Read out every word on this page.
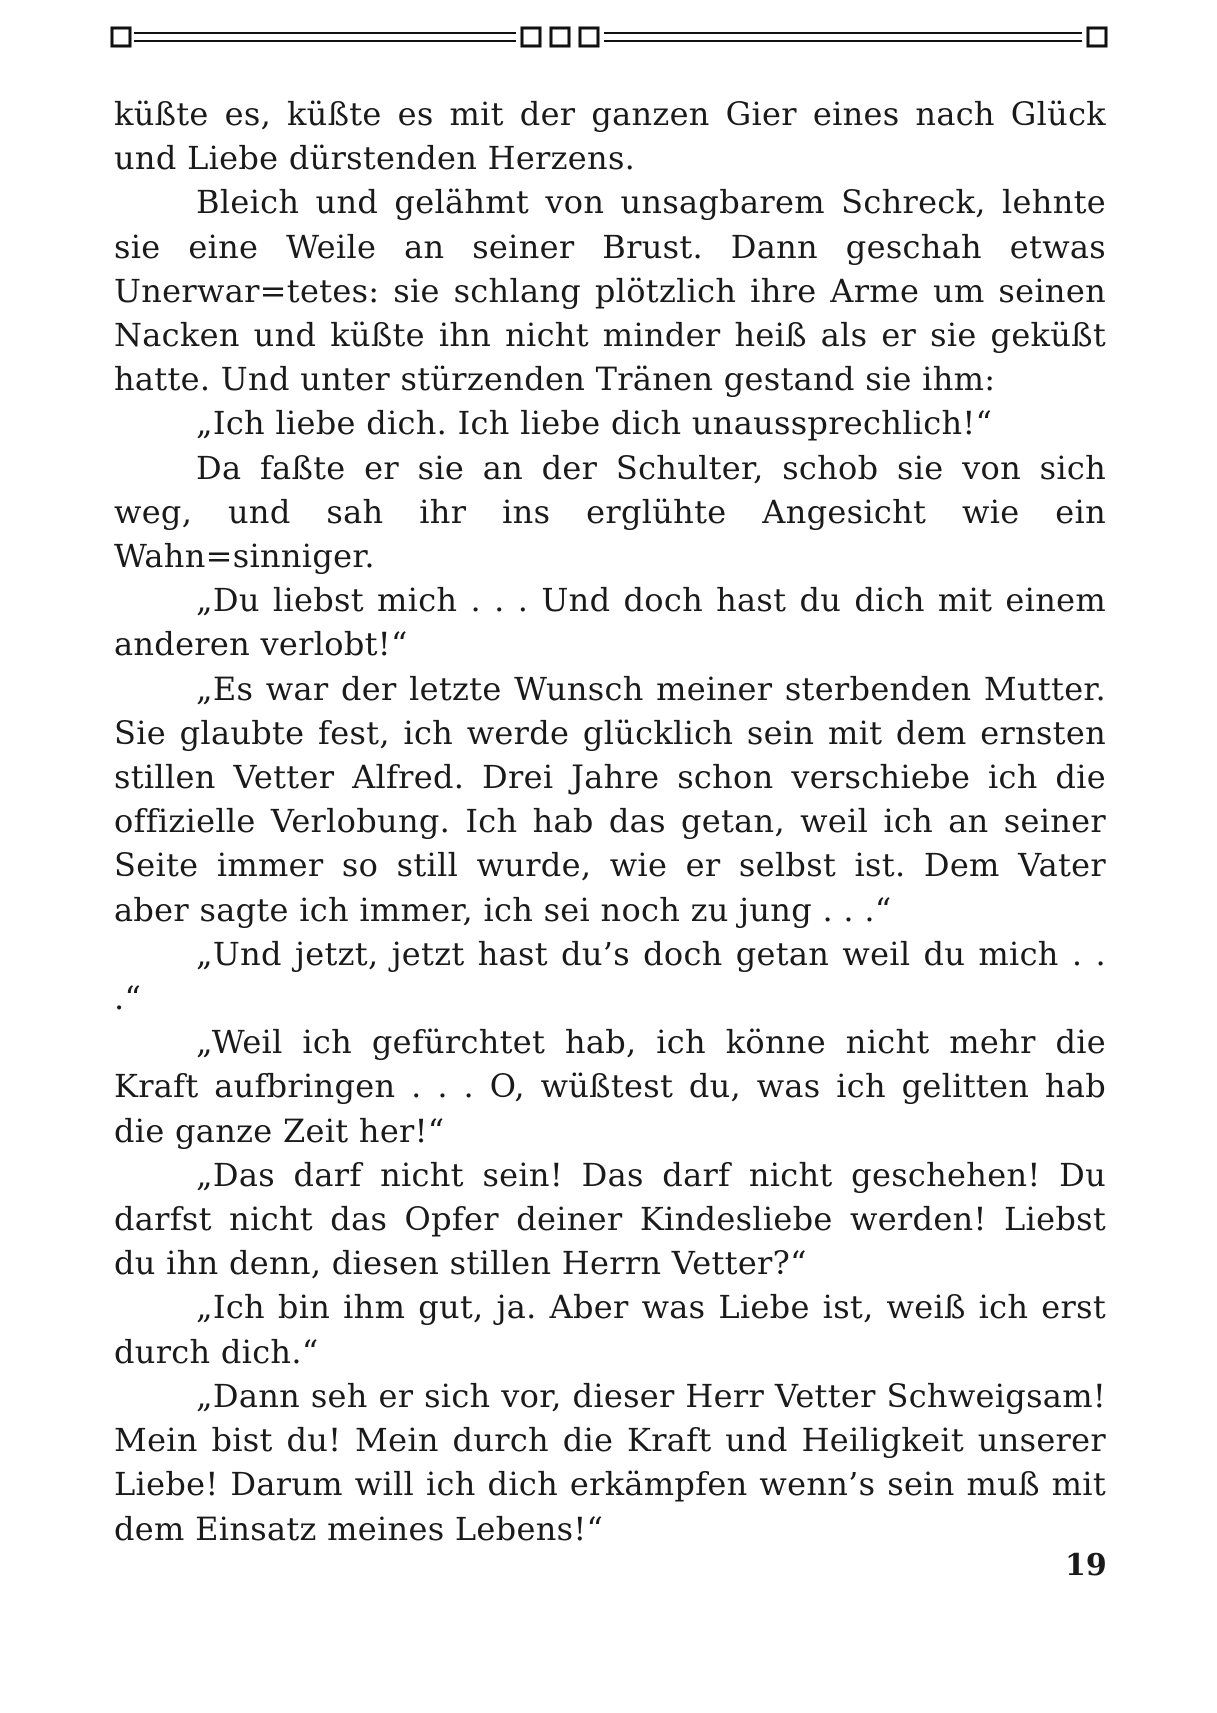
küßte es, küßte es mit der ganzen Gier eines nach Glück und Liebe dürstenden Herzens.

Bleich und gelähmt von unsagbarem Schreck, lehnte sie eine Weile an seiner Brust. Dann geschah etwas Unerwar=tetes: sie schlang plötzlich ihre Arme um seinen Nacken und küßte ihn nicht minder heiß als er sie geküßt hatte. Und unter stürzenden Tränen gestand sie ihm:

„Ich liebe dich. Ich liebe dich unaussprechlich!“

Da faßte er sie an der Schulter, schob sie von sich weg, und sah ihr ins erglühte Angesicht wie ein Wahn=sinniger.

„Du liebst mich . . . Und doch hast du dich mit einem anderen verlobt!“

„Es war der letzte Wunsch meiner sterbenden Mutter. Sie glaubte fest, ich werde glücklich sein mit dem ernsten stillen Vetter Alfred. Drei Jahre schon verschiebe ich die offizielle Verlobung. Ich hab das getan, weil ich an seiner Seite immer so still wurde, wie er selbst ist. Dem Vater aber sagte ich immer, ich sei noch zu jung . . .“

„Und jetzt, jetzt hast du’s doch getan weil du mich . . .“

„Weil ich gefürchtet hab, ich könne nicht mehr die Kraft aufbringen . . . O, wüßtest du, was ich gelitten hab die ganze Zeit her!“

„Das darf nicht sein! Das darf nicht geschehen! Du darfst nicht das Opfer deiner Kindesliebe werden! Liebst du ihn denn, diesen stillen Herrn Vetter?“

„Ich bin ihm gut, ja. Aber was Liebe ist, weiß ich erst durch dich.“

„Dann seh er sich vor, dieser Herr Vetter Schweigsam! Mein bist du! Mein durch die Kraft und Heiligkeit unserer Liebe! Darum will ich dich erkämpfen wenn’s sein muß mit dem Einsatz meines Lebens!“

19
